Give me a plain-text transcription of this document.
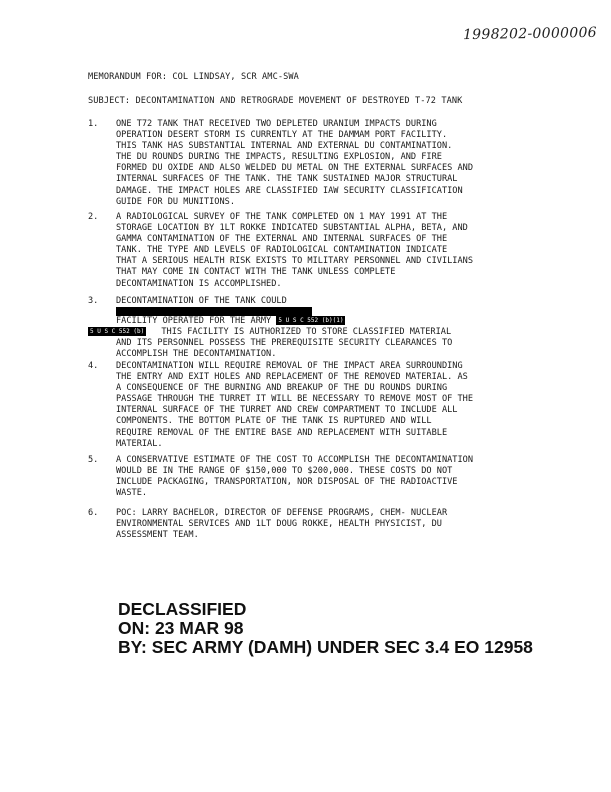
1998202-0000006
MEMORANDUM FOR: COL LINDSAY, SCR AMC-SWA
SUBJECT: DECONTAMINATION AND RETROGRADE MOVEMENT OF DESTROYED T-72 TANK
1. ONE T72 TANK THAT RECEIVED TWO DEPLETED URANIUM IMPACTS DURING
OPERATION DESERT STORM IS CURRENTLY AT THE DAMMAM PORT FACILITY.
THIS TANK HAS SUBSTANTIAL INTERNAL AND EXTERNAL DU CONTAMINATION.
THE DU ROUNDS DURING THE IMPACTS, RESULTING EXPLOSION, AND FIRE
FORMED DU OXIDE AND ALSO WELDED DU METAL ON THE EXTERNAL SURFACES AND
INTERNAL SURFACES OF THE TANK. THE TANK SUSTAINED MAJOR STRUCTURAL
DAMAGE. THE IMPACT HOLES ARE CLASSIFIED IAW SECURITY CLASSIFICATION
GUIDE FOR DU MUNITIONS.
2. A RADIOLOGICAL SURVEY OF THE TANK COMPLETED ON 1 MAY 1991 AT THE
STORAGE LOCATION BY 1LT ROKKE INDICATED SUBSTANTIAL ALPHA, BETA, AND
GAMMA CONTAMINATION OF THE EXTERNAL AND INTERNAL SURFACES OF THE
TANK. THE TYPE AND LEVELS OF RADIOLOGICAL CONTAMINATION INDICATE
THAT A SERIOUS HEALTH RISK EXISTS TO MILITARY PERSONNEL AND CIVILIANS
THAT MAY COME IN CONTACT WITH THE TANK UNLESS COMPLETE
DECONTAMINATION IS ACCOMPLISHED.
3. DECONTAMINATION OF THE TANK COULD
FACILITY OPERATED FOR THE ARMY 5 U S C 552 (b)(1)
5 U S C 552 (b) THIS FACILITY IS AUTHORIZED TO STORE CLASSIFIED MATERIAL
AND ITS PERSONNEL POSSESS THE PREREQUISITE SECURITY CLEARANCES TO
ACCOMPLISH THE DECONTAMINATION.
4. DECONTAMINATION WILL REQUIRE REMOVAL OF THE IMPACT AREA SURROUNDING
THE ENTRY AND EXIT HOLES AND REPLACEMENT OF THE REMOVED MATERIAL. AS
A CONSEQUENCE OF THE BURNING AND BREAKUP OF THE DU ROUNDS DURING
PASSAGE THROUGH THE TURRET IT WILL BE NECESSARY TO REMOVE MOST OF THE
INTERNAL SURFACE OF THE TURRET AND CREW COMPARTMENT TO INCLUDE ALL
COMPONENTS. THE BOTTOM PLATE OF THE TANK IS RUPTURED AND WILL
REQUIRE REMOVAL OF THE ENTIRE BASE AND REPLACEMENT WITH SUITABLE
MATERIAL.
5. A CONSERVATIVE ESTIMATE OF THE COST TO ACCOMPLISH THE DECONTAMINATION
WOULD BE IN THE RANGE OF $150,000 TO $200,000. THESE COSTS DO NOT
INCLUDE PACKAGING, TRANSPORTATION, NOR DISPOSAL OF THE RADIOACTIVE
WASTE.
6. POC: LARRY BACHELOR, DIRECTOR OF DEFENSE PROGRAMS, CHEM- NUCLEAR
ENVIRONMENTAL SERVICES AND 1LT DOUG ROKKE, HEALTH PHYSICIST, DU
ASSESSMENT TEAM.
DECLASSIFIED
ON: 23 MAR 98
BY: SEC ARMY (DAMH) UNDER SEC 3.4 EO 12958
